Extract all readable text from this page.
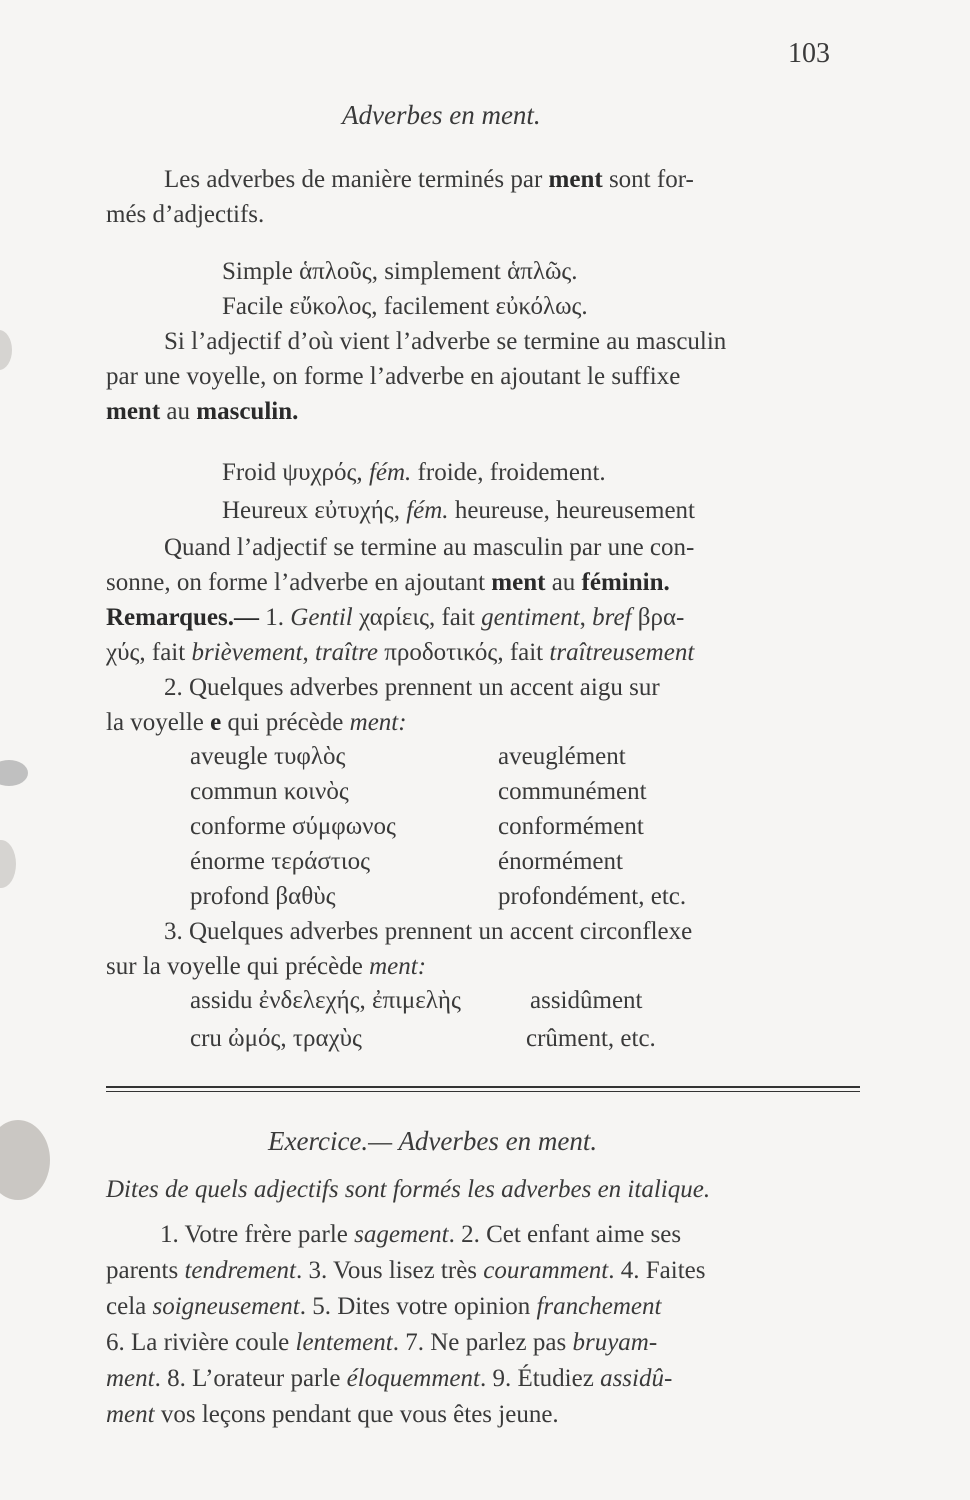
103
Adverbes en ment.
Les adverbes de manière terminés par ment sont for-
més d’adjectifs.
Simple ἁπλοῦς, simplement ἁπλῶς.
Facile εὔκολος, facilement εὐκόλως.
Si l’adjectif d’où vient l’adverbe se termine au masculin
par une voyelle, on forme l’adverbe en ajoutant le suffixe
ment au masculin.
Froid ψυχρός, fém. froide, froidement.
Heureux εὐτυχής, fém. heureuse, heureusement
Quand l’adjectif se termine au masculin par une con-
sonne, on forme l’adverbe en ajoutant ment au féminin.
Remarques.— 1. Gentil χαρίεις, fait gentiment, bref βρα-
χύς, fait brièvement, traître προδοτικός, fait traîtreusement
2. Quelques adverbes prennent un accent aigu sur
la voyelle e qui précède ment:
aveugle τυφλὸς	aveuglément
commun κοινὸς	communément
conforme σύμφωνος	conformément
énorme τεράστιος	énormément
profond βαθὺς	profondément, etc.
3. Quelques adverbes prennent un accent circonflexe
sur la voyelle qui précède ment:
assidu ἐνδελεχής, ἐπιμελὴς	assidûment
cru ὠμός, τραχὺς	crûment, etc.
Exercice.— Adverbes en ment.
Dites de quels adjectifs sont formés les adverbes en italique.
1. Votre frère parle sagement. 2. Cet enfant aime ses
parents tendrement. 3. Vous lisez très couramment. 4. Faites
cela soigneusement. 5. Dites votre opinion franchement
6. La rivière coule lentement. 7. Ne parlez pas bruyam-
ment. 8. L’orateur parle éloquemment. 9. Étudiez assidû-
ment vos leçons pendant que vous êtes jeune.
